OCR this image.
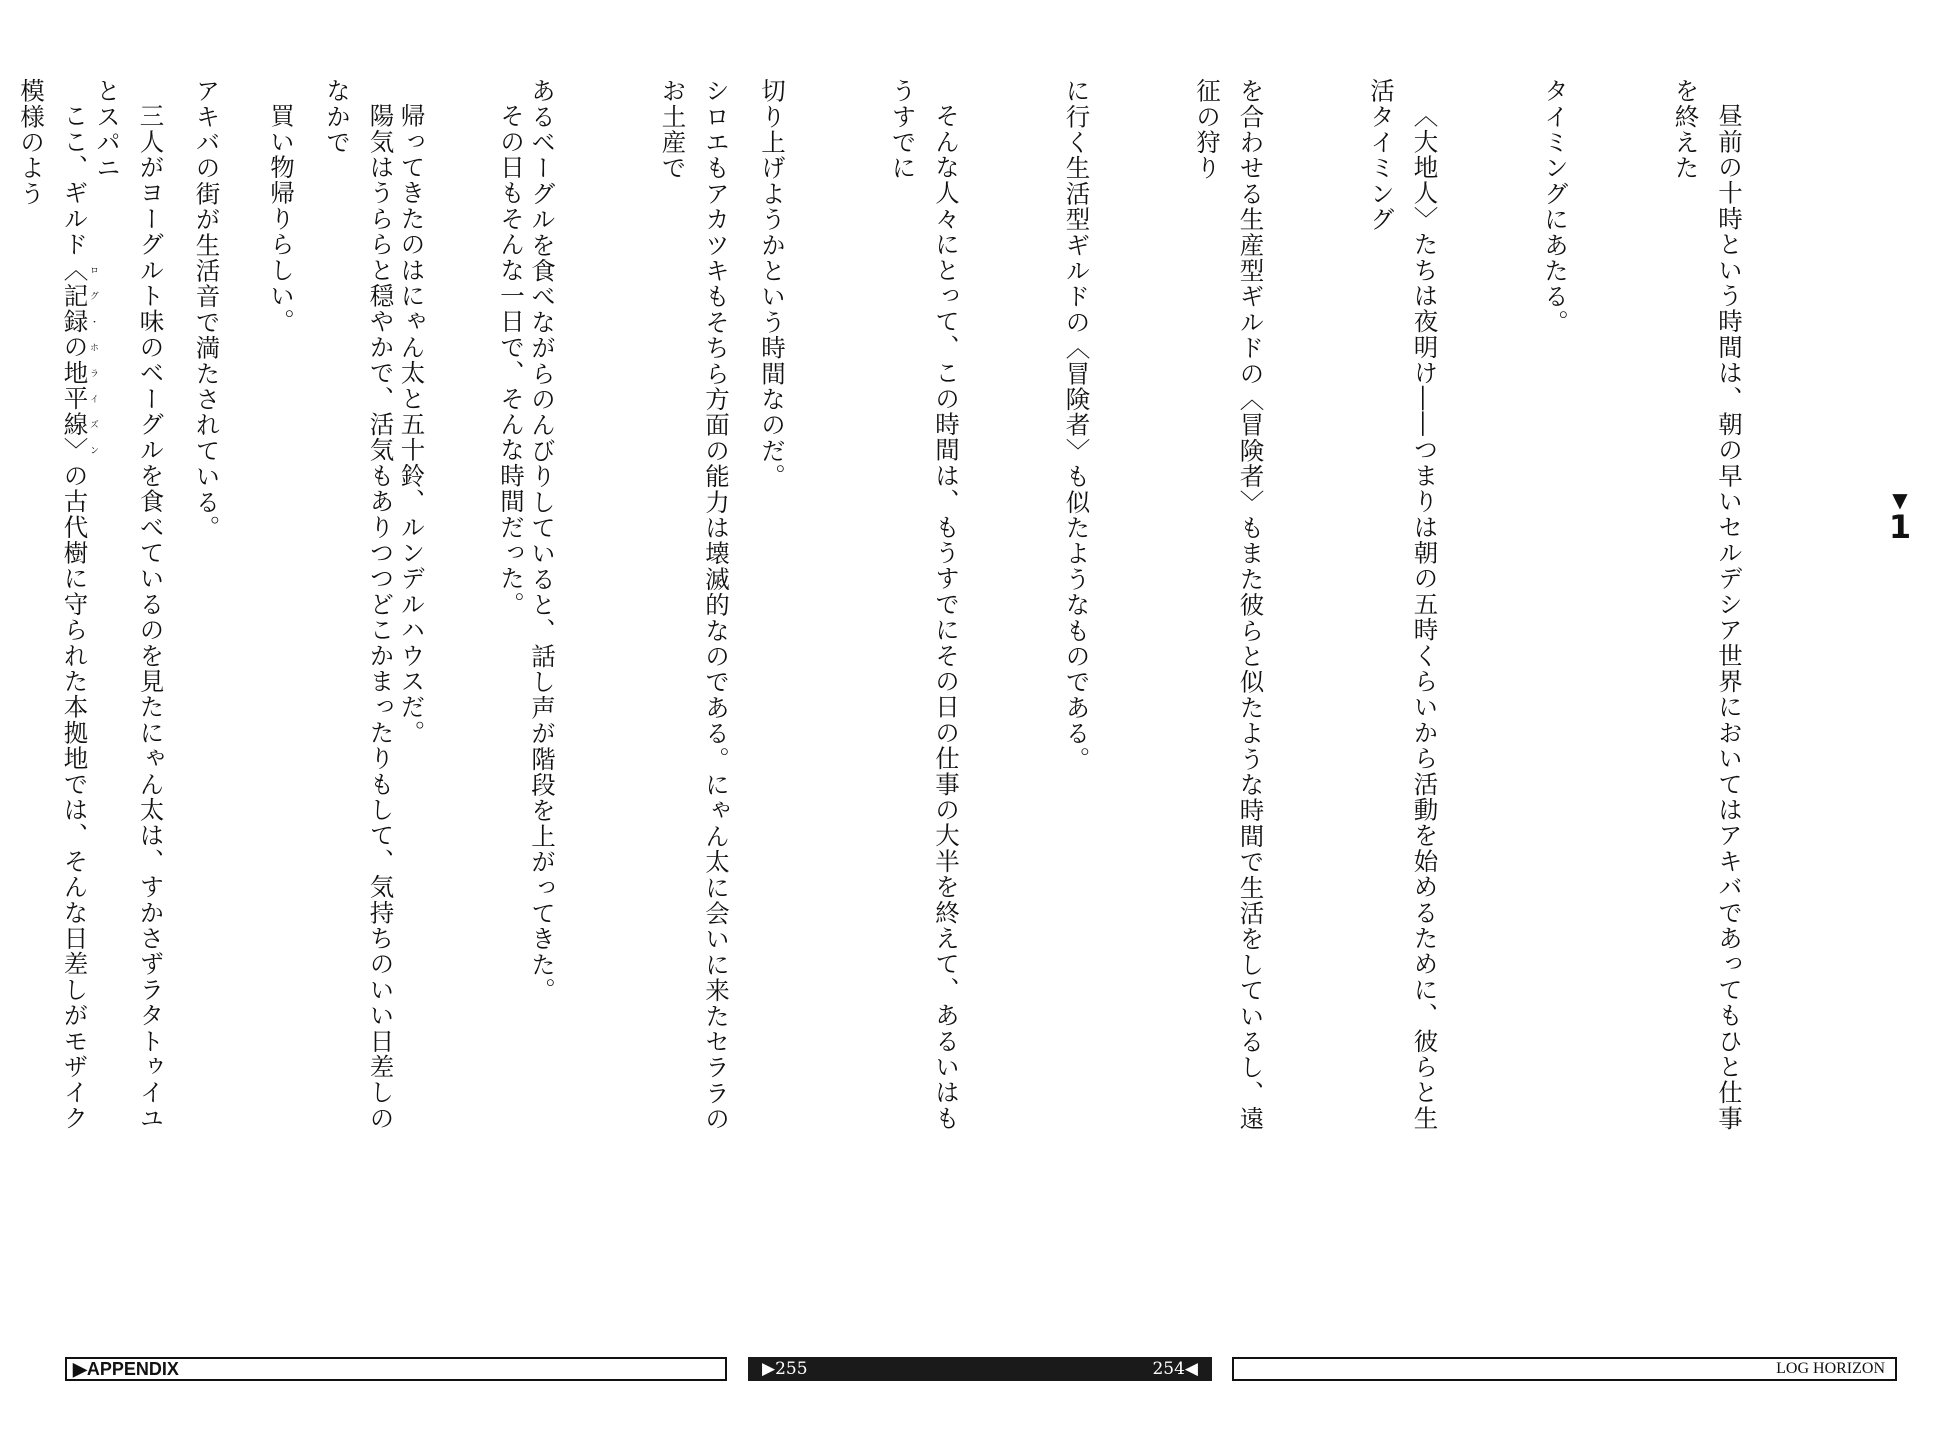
▼
1

昼前の十時という時間は、朝の早いセルデシア世界においてはアキバであってもひと仕事を終えた

タイミングにあたる。

〈大地人〉たちは夜明け――つまりは朝の五時くらいから活動を始めるために、彼らと生活タイミング

を合わせる生産型ギルドの〈冒険者〉もまた彼らと似たような時間で生活をしているし、遠征の狩り

に行く生活型ギルドの〈冒険者〉も似たようなものである。

そんな人々にとって、この時間は、もうすでにその日の仕事の大半を終えて、あるいはもうすでに

切り上げようかという時間なのだ。

その日もそんな一日で、そんな時間だった。

陽気はうららと穏やかで、活気もありつつどこかまったりもして、気持ちのいい日差しのなかで

アキバの街が生活音で満たされている。

ここ、ギルド〈記録の地平線〉ログ・ホライズンの古代樹に守られた本拠地では、そんな日差しがモザイク模様のよう

	シロエもアカツキもそちら方面の能力は壊滅的なのである。にゃん太に会いに来たセララのお土産で

あるベーグルを食べながらのんびりしていると、話し声が階段を上がってきた。

帰ってきたのはにゃん太と五十鈴、ルンデルハウスだ。

買い物帰りらしい。

三人がヨーグルト味のベーグルを食べているのを見たにゃん太は、すかさずラタトゥイユとスパニ

▶APPENDIX	▶255	254◀	LOG HORIZON
